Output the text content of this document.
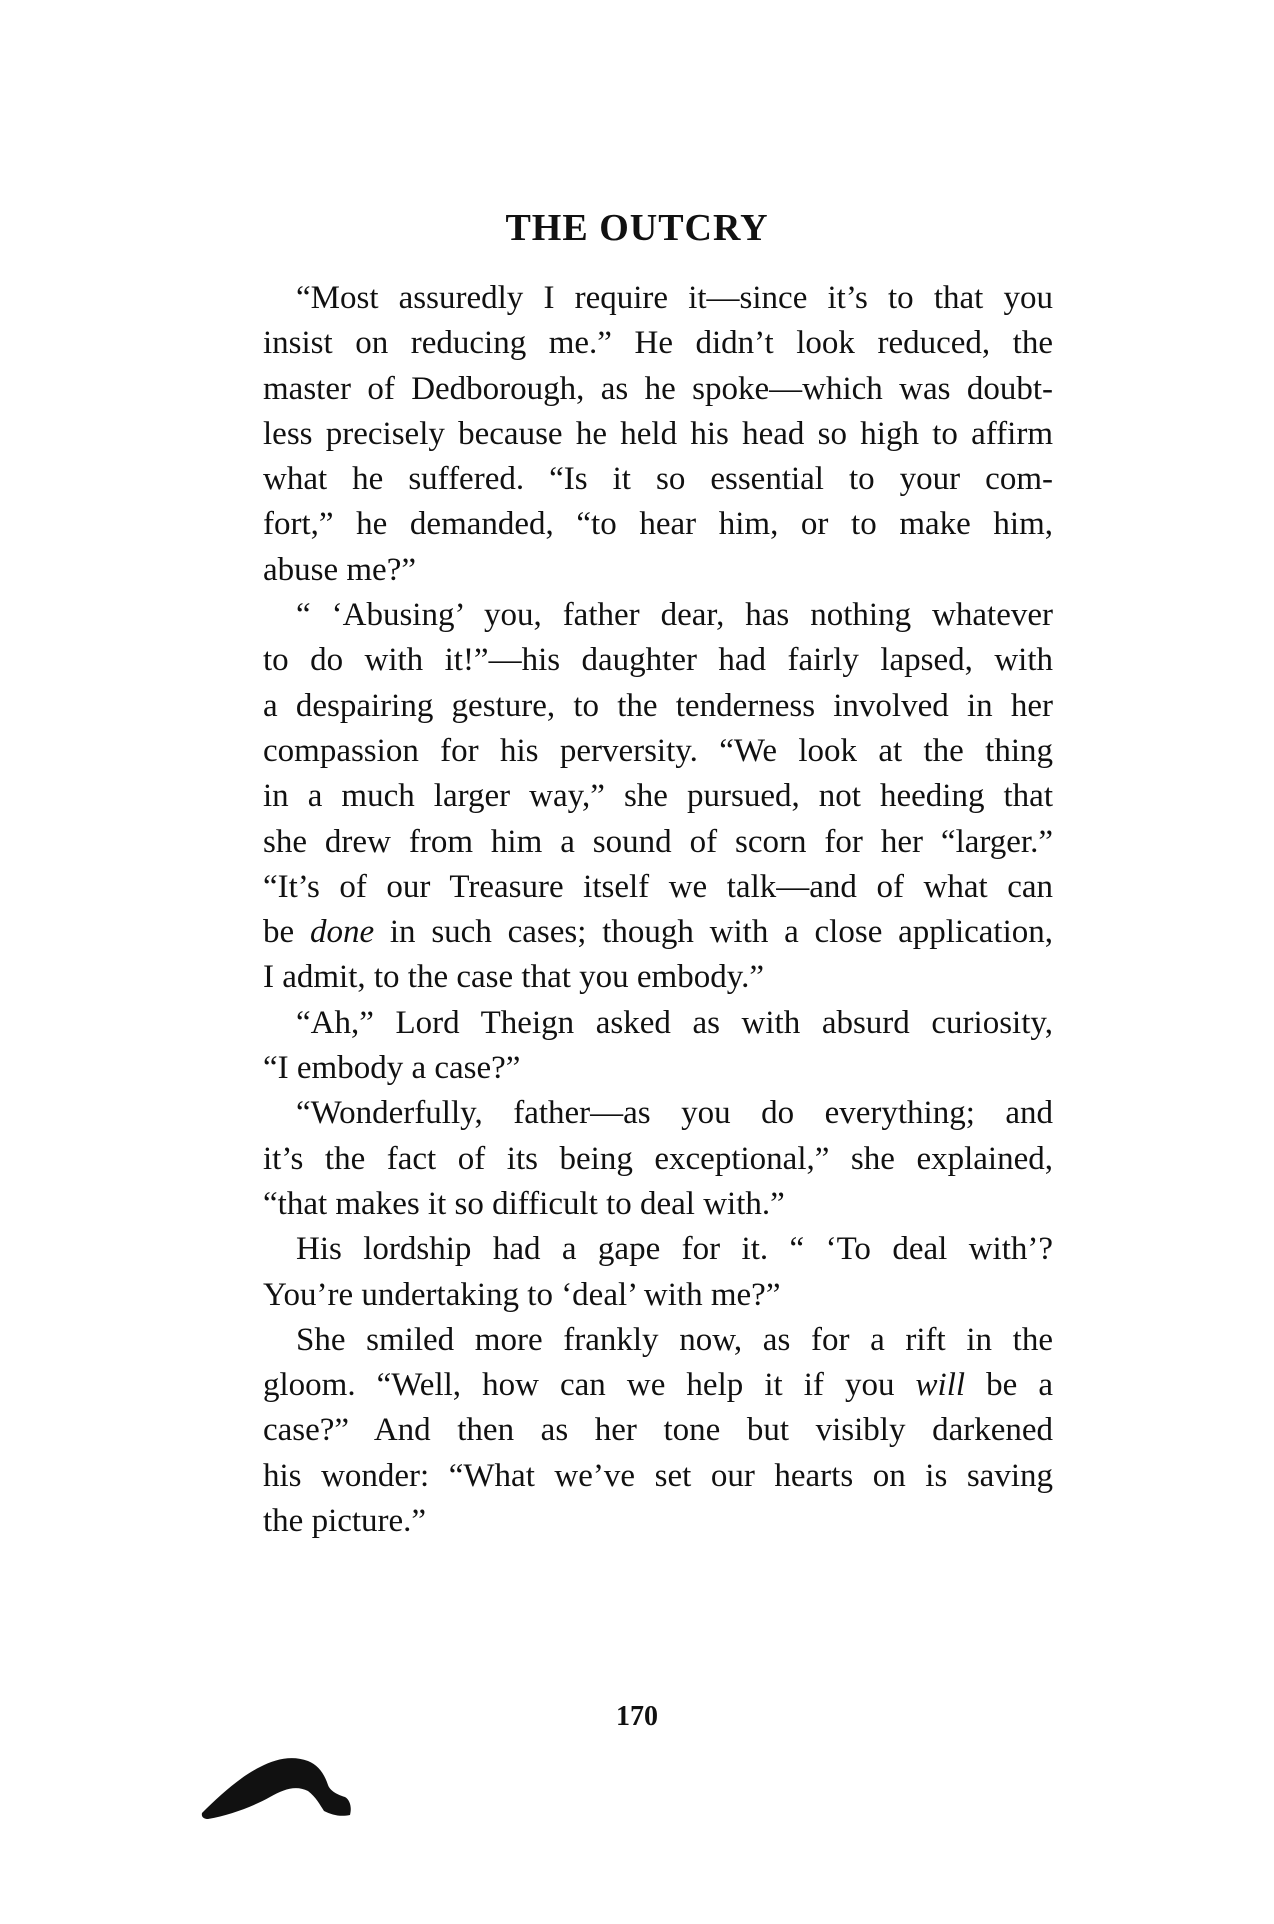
THE OUTCRY
“Most assuredly I require it—since it’s to that you
insist on reducing me.” He didn’t look reduced, the
master of Dedborough, as he spoke—which was doubt-
less precisely because he held his head so high to affirm
what he suffered. “Is it so essential to your com-
fort,” he demanded, “to hear him, or to make him,
abuse me?”
“ ‘Abusing’ you, father dear, has nothing whatever
to do with it!”—his daughter had fairly lapsed, with
a despairing gesture, to the tenderness involved in her
compassion for his perversity. “We look at the thing
in a much larger way,” she pursued, not heeding that
she drew from him a sound of scorn for her “larger.”
“It’s of our Treasure itself we talk—and of what can
be done in such cases; though with a close application,
I admit, to the case that you embody.”
“Ah,” Lord Theign asked as with absurd curiosity,
“I embody a case?”
“Wonderfully, father—as you do everything; and
it’s the fact of its being exceptional,” she explained,
“that makes it so difficult to deal with.”
His lordship had a gape for it. “ ‘To deal with’?
You’re undertaking to ‘deal’ with me?”
She smiled more frankly now, as for a rift in the
gloom. “Well, how can we help it if you will be a
case?” And then as her tone but visibly darkened
his wonder: “What we’ve set our hearts on is saving
the picture.”
170
